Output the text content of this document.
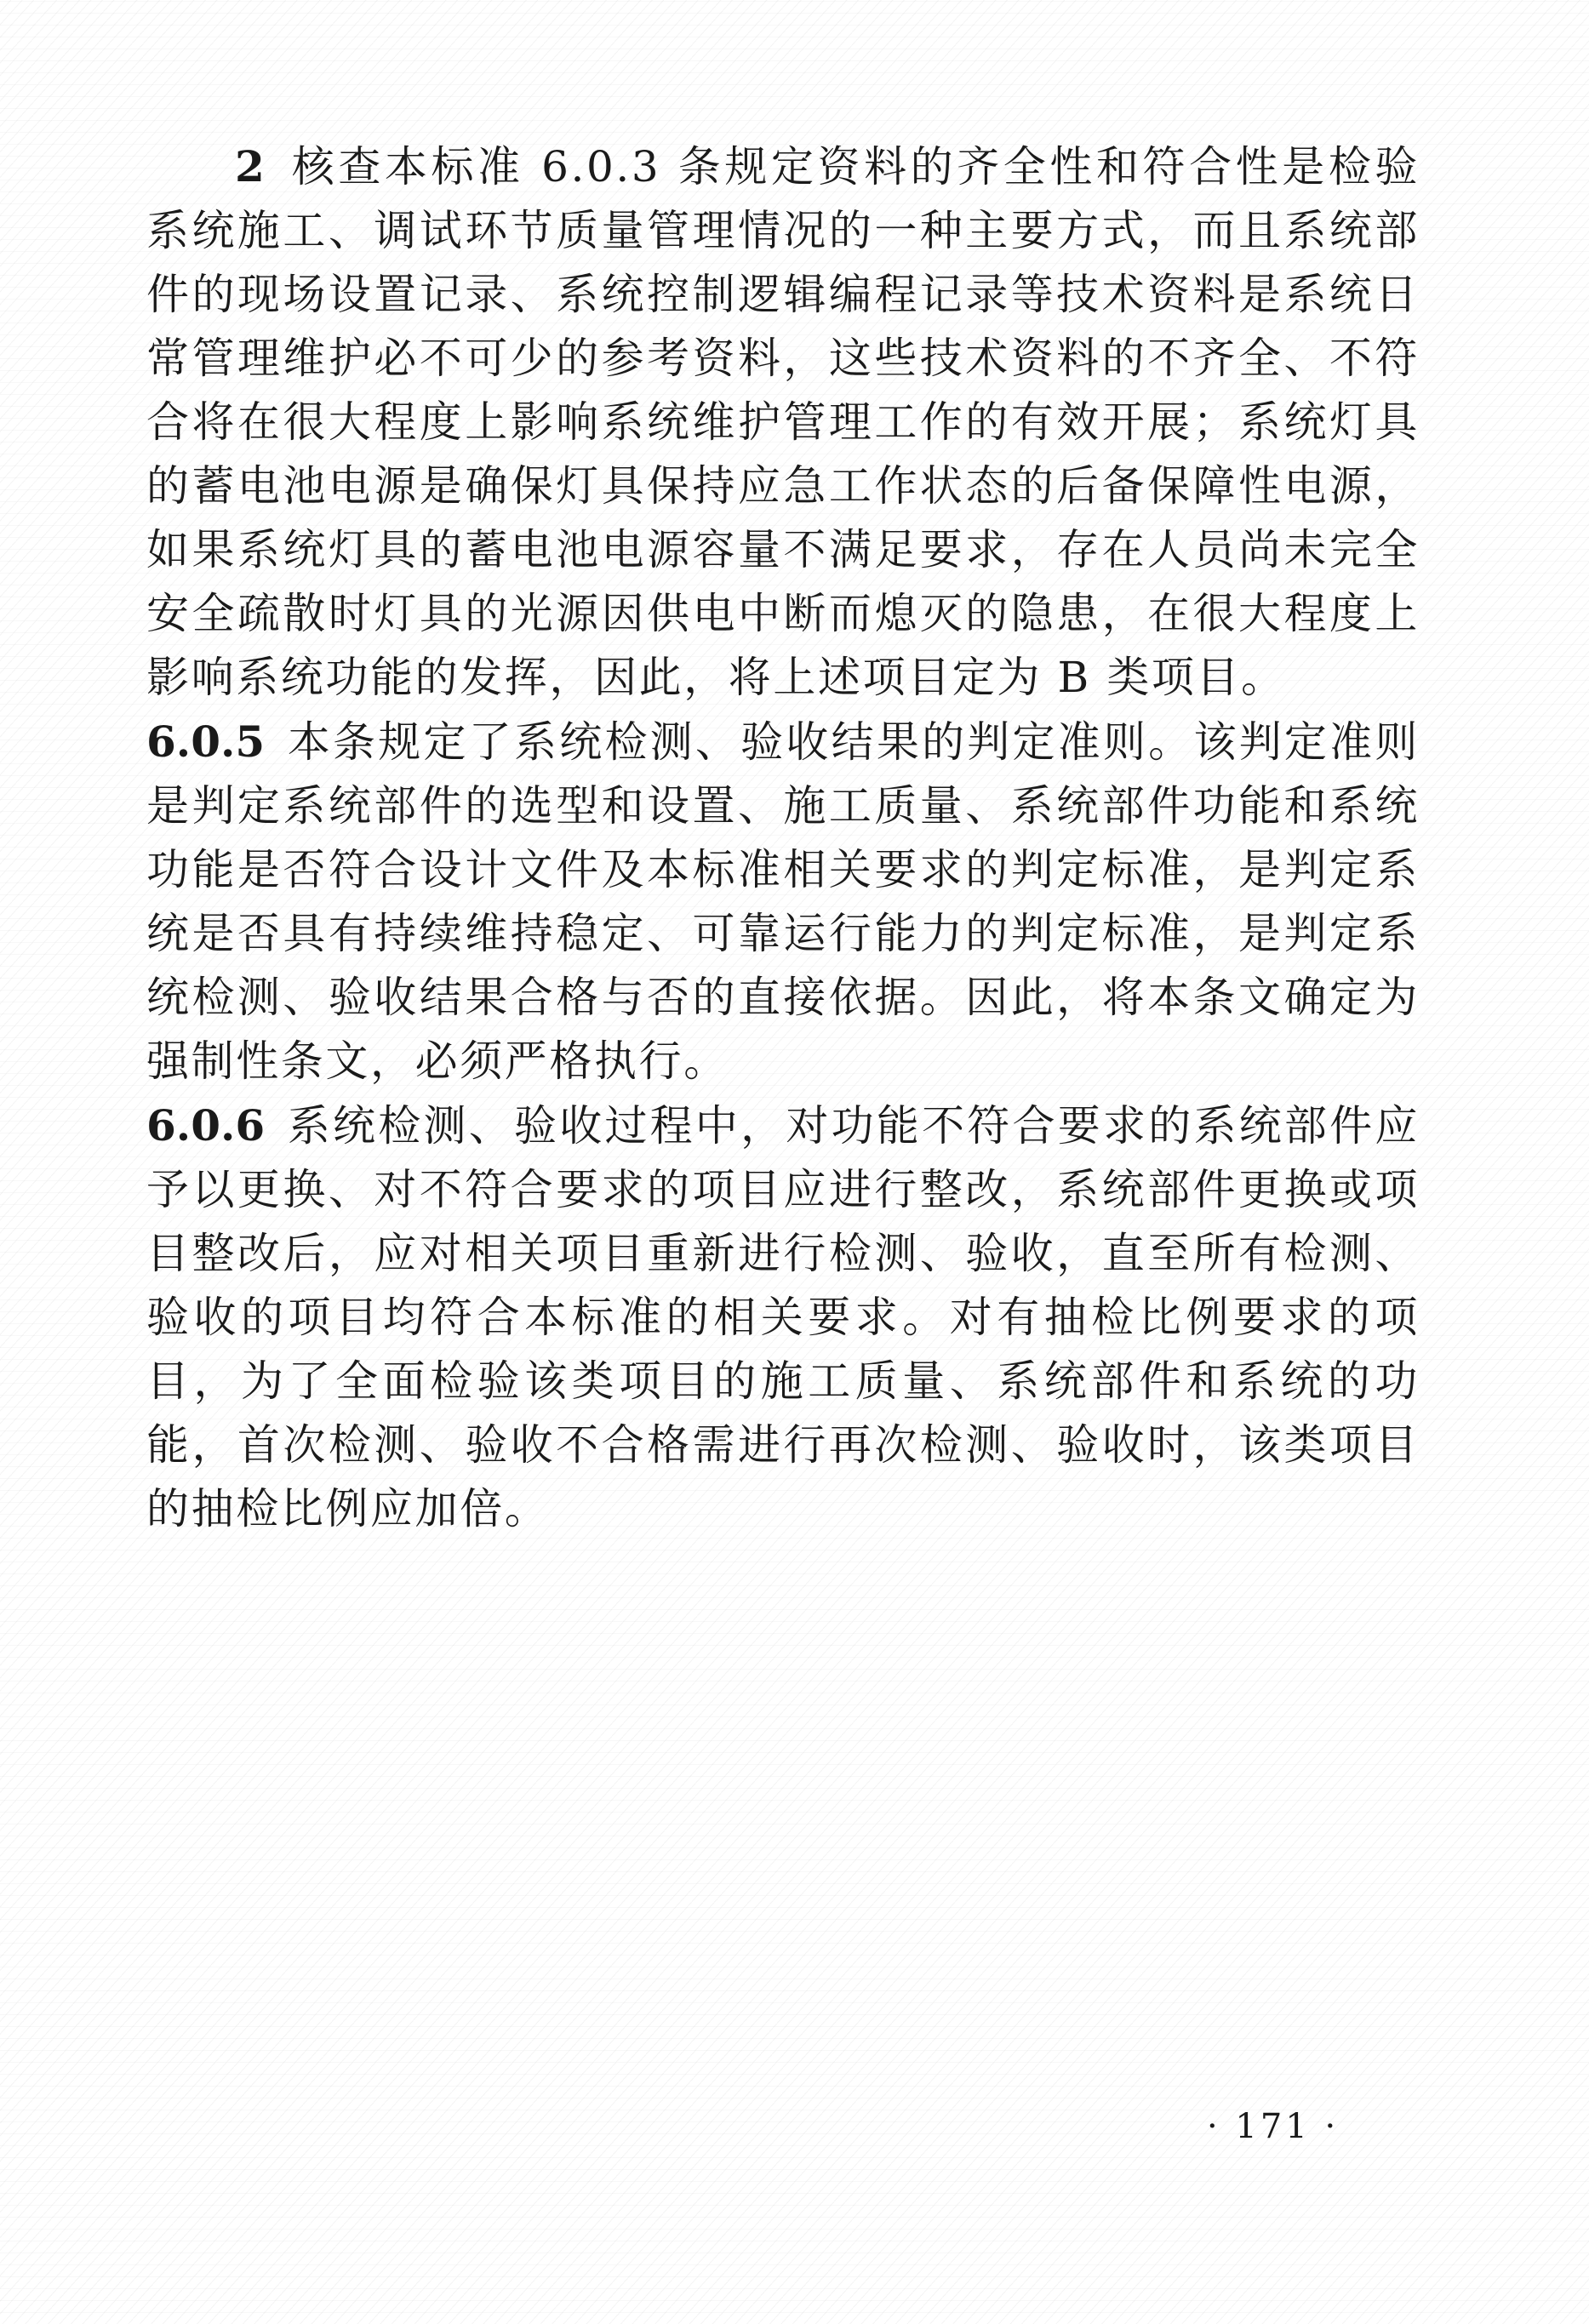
2 核查本标准 6.0.3 条规定资料的齐全性和符合性是检验系统施工、调试环节质量管理情况的一种主要方式，而且系统部件的现场设置记录、系统控制逻辑编程记录等技术资料是系统日常管理维护必不可少的参考资料，这些技术资料的不齐全、不符合将在很大程度上影响系统维护管理工作的有效开展；系统灯具的蓄电池电源是确保灯具保持应急工作状态的后备保障性电源，如果系统灯具的蓄电池电源容量不满足要求，存在人员尚未完全安全疏散时灯具的光源因供电中断而熄灭的隐患，在很大程度上影响系统功能的发挥，因此，将上述项目定为 B 类项目。

6.0.5 本条规定了系统检测、验收结果的判定准则。该判定准则是判定系统部件的选型和设置、施工质量、系统部件功能和系统功能是否符合设计文件及本标准相关要求的判定标准，是判定系统是否具有持续维持稳定、可靠运行能力的判定标准，是判定系统检测、验收结果合格与否的直接依据。因此，将本条文确定为强制性条文，必须严格执行。

6.0.6 系统检测、验收过程中，对功能不符合要求的系统部件应予以更换、对不符合要求的项目应进行整改，系统部件更换或项目整改后，应对相关项目重新进行检测、验收，直至所有检测、验收的项目均符合本标准的相关要求。对有抽检比例要求的项目，为了全面检验该类项目的施工质量、系统部件和系统的功能，首次检测、验收不合格需进行再次检测、验收时，该类项目的抽检比例应加倍。

· 171 ·
